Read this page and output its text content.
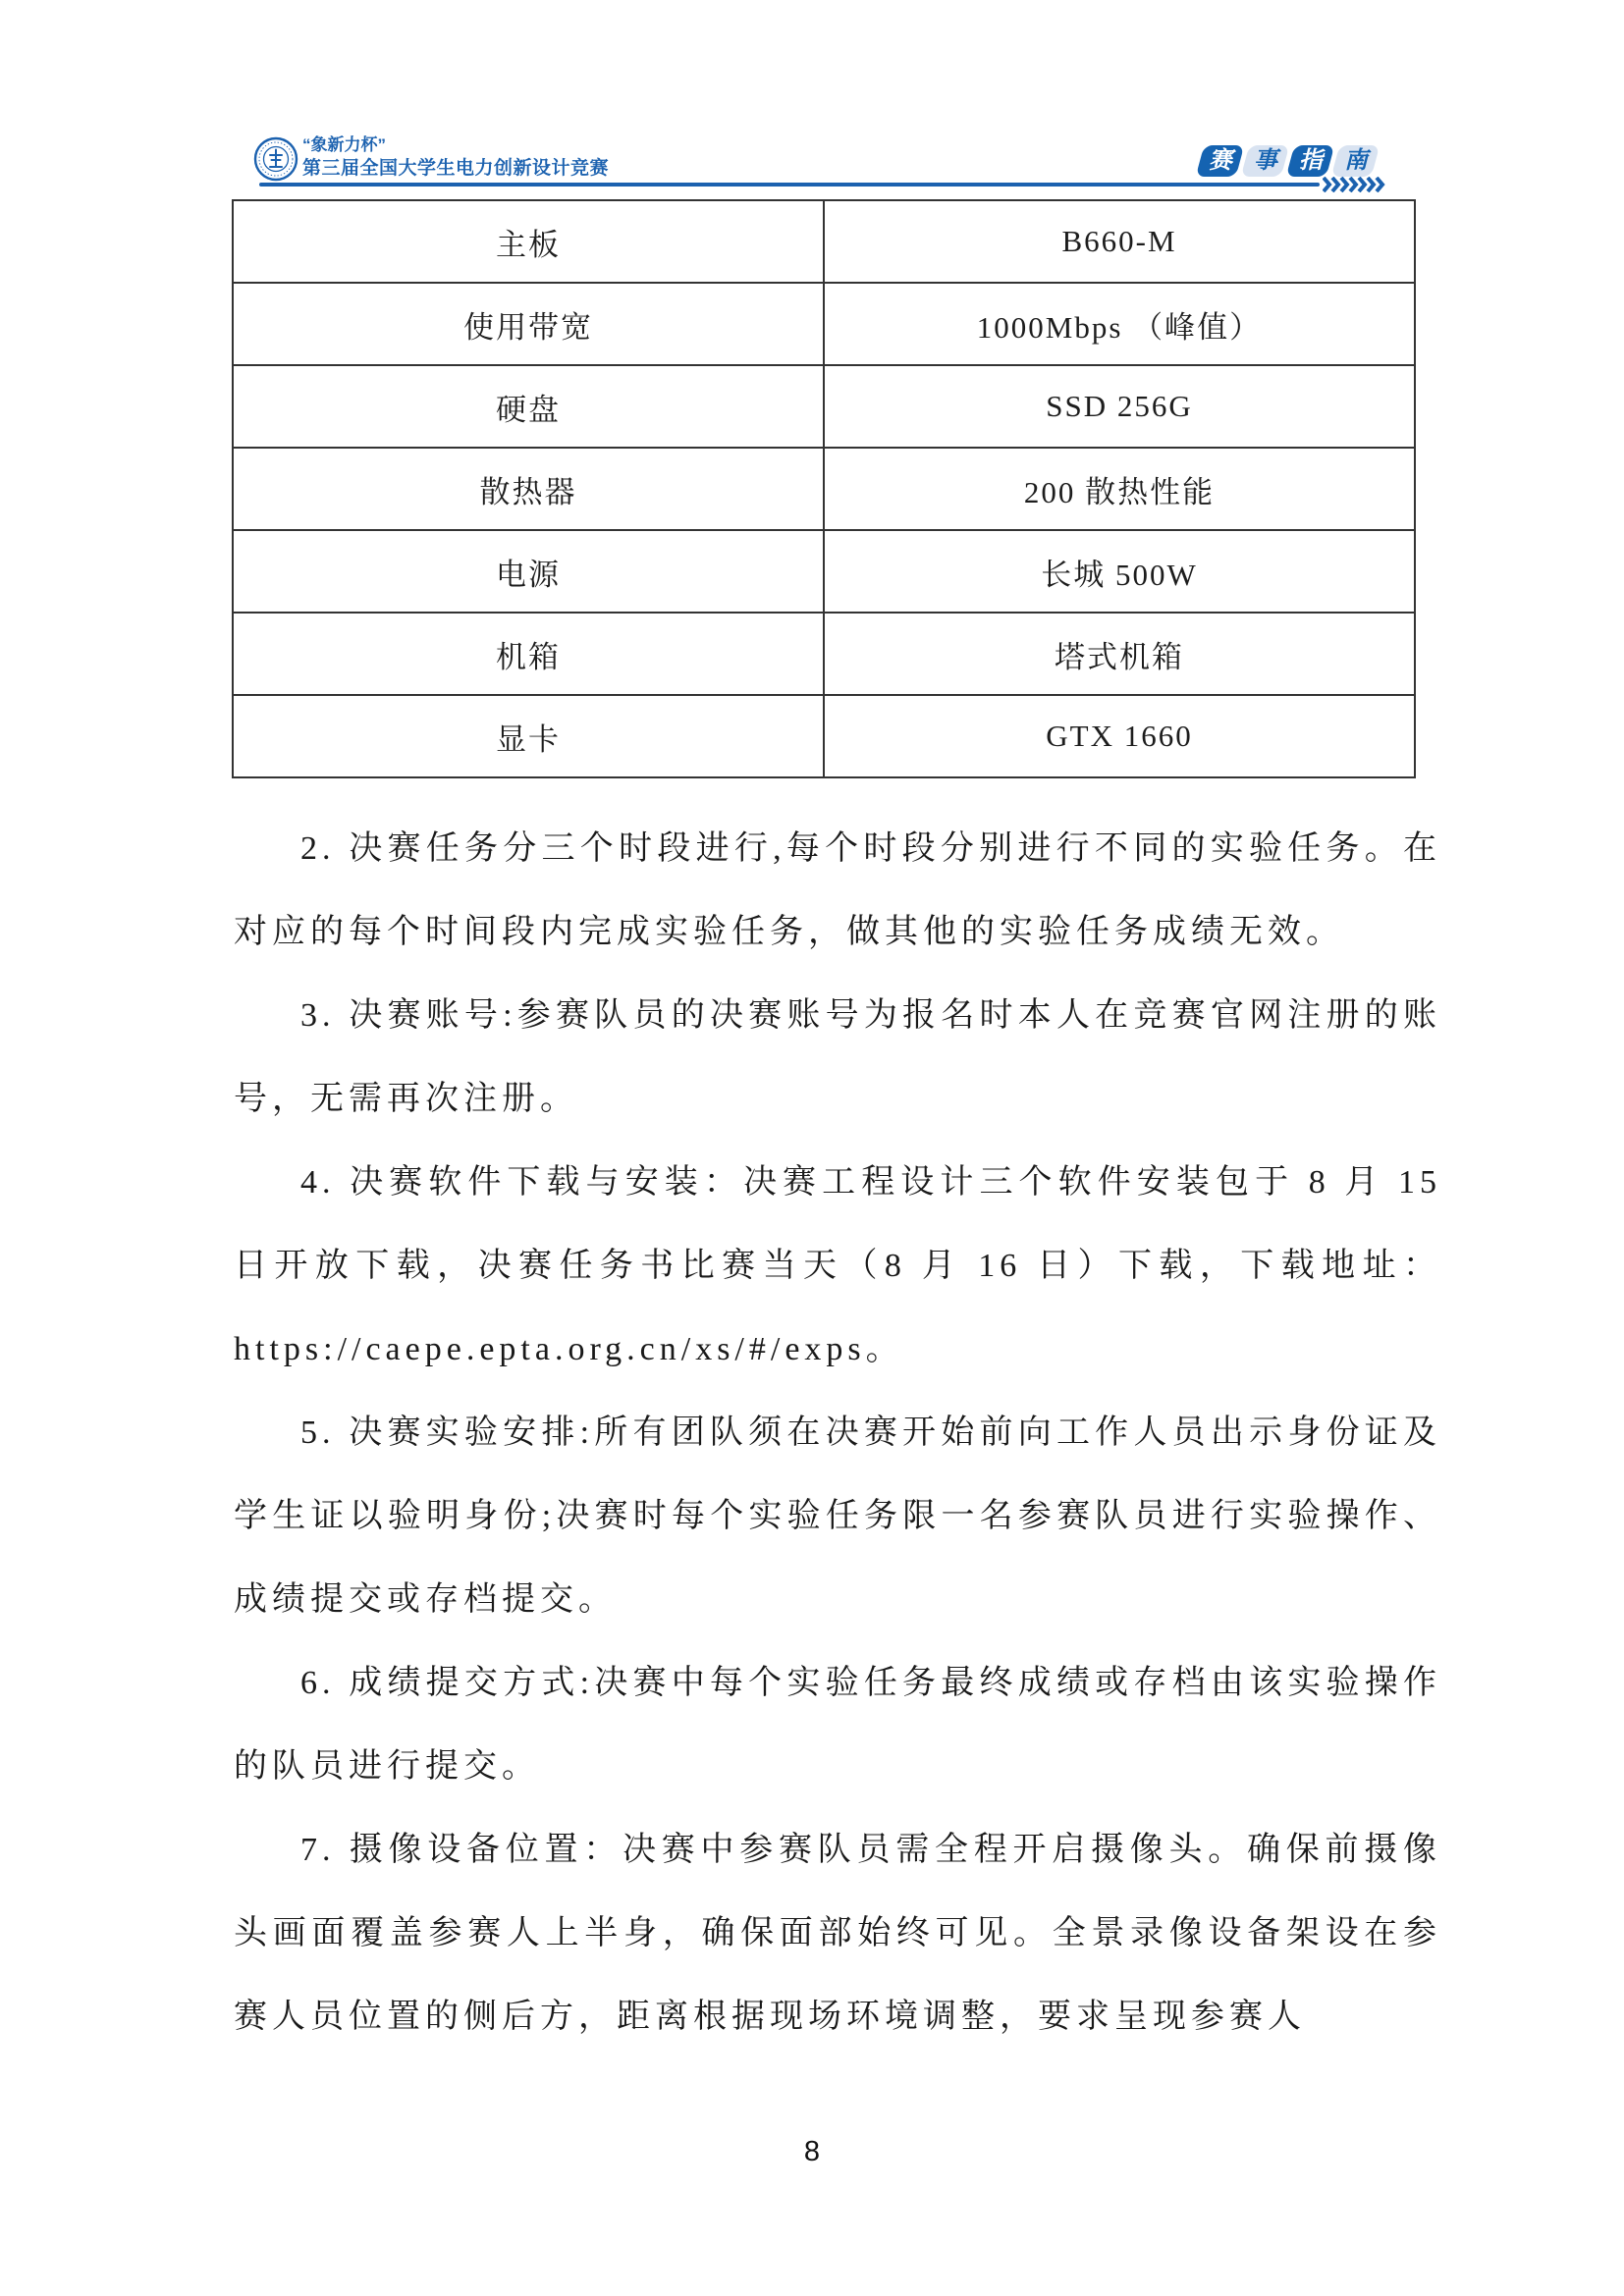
“象新力杯”
第三届全国大学生电力创新设计竞赛	赛 事 指 南
主板	B660-M
使用带宽	1000Mbps （峰值）
硬盘	SSD 256G
散热器	200 散热性能
电源	长城 500W
机箱	塔式机箱
显卡	GTX 1660

2. 决赛任务分三个时段进行,每个时段分别进行不同的实验任务。在对应的每个时间段内完成实验任务，做其他的实验任务成绩无效。

3. 决赛账号:参赛队员的决赛账号为报名时本人在竞赛官网注册的账号，无需再次注册。

4. 决赛软件下载与安装：决赛工程设计三个软件安装包于 8 月 15 日开放下载，决赛任务书比赛当天（8 月 16 日）下载，下载地址：https://caepe.epta.org.cn/xs/#/exps。

5. 决赛实验安排:所有团队须在决赛开始前向工作人员出示身份证及学生证以验明身份;决赛时每个实验任务限一名参赛队员进行实验操作、成绩提交或存档提交。

6. 成绩提交方式:决赛中每个实验任务最终成绩或存档由该实验操作的队员进行提交。

7. 摄像设备位置：决赛中参赛队员需全程开启摄像头。确保前摄像头画面覆盖参赛人上半身，确保面部始终可见。全景录像设备架设在参赛人员位置的侧后方，距离根据现场环境调整，要求呈现参赛人

8
